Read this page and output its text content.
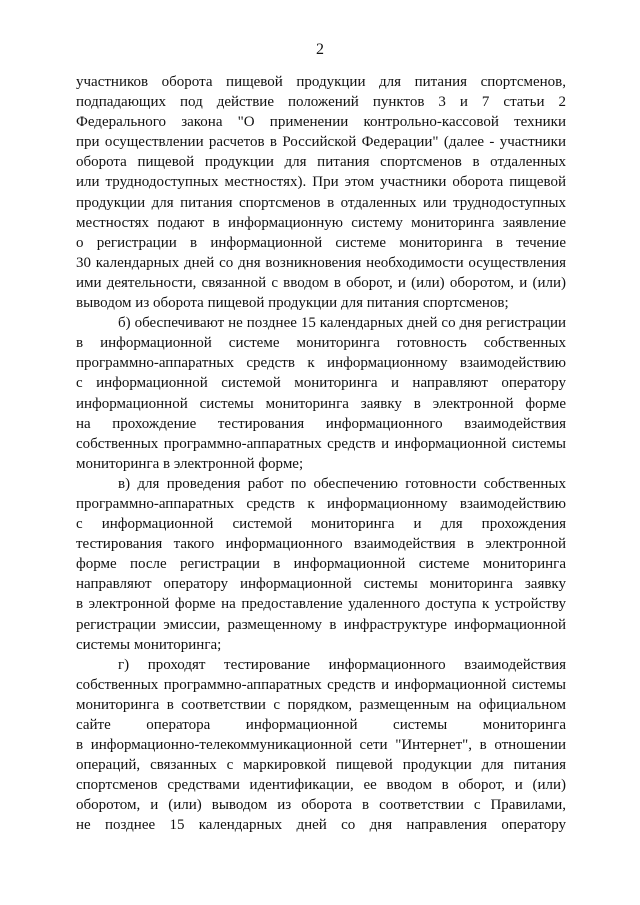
2
участников оборота пищевой продукции для питания спортсменов,
подпадающих под действие положений пунктов 3 и 7 статьи 2
Федерального закона "О применении контрольно-кассовой техники
при осуществлении расчетов в Российской Федерации" (далее - участники
оборота пищевой продукции для питания спортсменов в отдаленных
или труднодоступных местностях). При этом участники оборота пищевой
продукции для питания спортсменов в отдаленных или труднодоступных
местностях подают в информационную систему мониторинга заявление
о регистрации в информационной системе мониторинга в течение
30 календарных дней со дня возникновения необходимости осуществления
ими деятельности, связанной с вводом в оборот, и (или) оборотом, и (или)
выводом из оборота пищевой продукции для питания спортсменов;
б) обеспечивают не позднее 15 календарных дней со дня регистрации
в информационной системе мониторинга готовность собственных
программно-аппаратных средств к информационному взаимодействию
с информационной системой мониторинга и направляют оператору
информационной системы мониторинга заявку в электронной форме
на прохождение тестирования информационного взаимодействия
собственных программно-аппаратных средств и информационной системы
мониторинга в электронной форме;
в) для проведения работ по обеспечению готовности собственных
программно-аппаратных средств к информационному взаимодействию
с информационной системой мониторинга и для прохождения
тестирования такого информационного взаимодействия в электронной
форме после регистрации в информационной системе мониторинга
направляют оператору информационной системы мониторинга заявку
в электронной форме на предоставление удаленного доступа к устройству
регистрации эмиссии, размещенному в инфраструктуре информационной
системы мониторинга;
г) проходят тестирование информационного взаимодействия
собственных программно-аппаратных средств и информационной системы
мониторинга в соответствии с порядком, размещенным на официальном
сайте оператора информационной системы мониторинга
в информационно-телекоммуникационной сети "Интернет", в отношении
операций, связанных с маркировкой пищевой продукции для питания
спортсменов средствами идентификации, ее вводом в оборот, и (или)
оборотом, и (или) выводом из оборота в соответствии с Правилами,
не позднее 15 календарных дней со дня направления оператору
